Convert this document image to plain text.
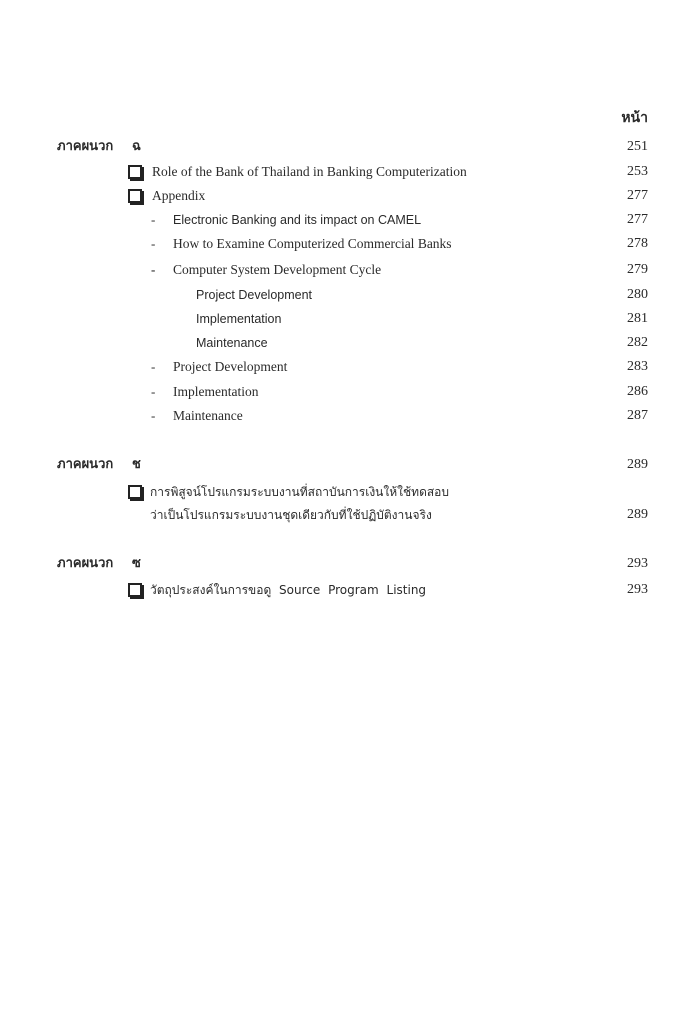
หน้า
ภาคผนวก ฉ	251
Role of the Bank of Thailand in Banking Computerization	253
Appendix	277
- Electronic Banking and its impact on CAMEL	277
- How to Examine Computerized Commercial Banks	278
- Computer System Development Cycle	279
Project Development	280
Implementation	281
Maintenance	282
- Project Development	283
- Implementation	286
- Maintenance	287
ภาคผนวก ช	289
การพิสูจน์โปรแกรมระบบงานที่สถาบันการเงินให้ใช้ทดสอบ
ว่าเป็นโปรแกรมระบบงานชุดเดียวกับที่ใช้ปฏิบัติงานจริง	289
ภาคผนวก ซ	293
วัตถุประสงค์ในการขอดู Source Program Listing	293
